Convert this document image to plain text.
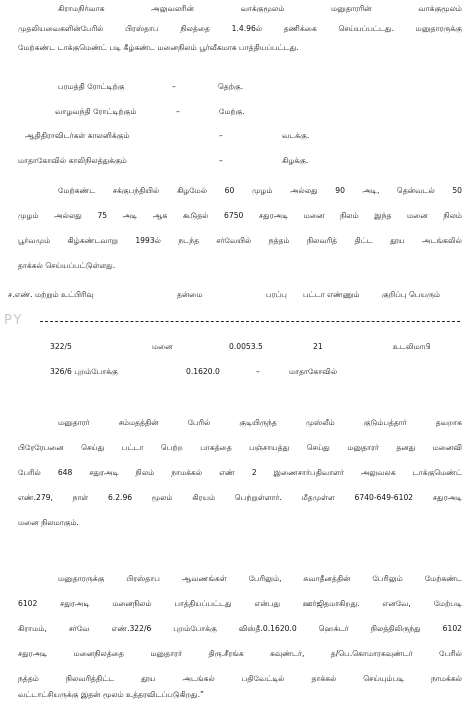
கிராமநிர்வாக அலுவலரின் வாக்குமூலம் மனுதாரரின் வாக்குமூலம்
முதலியவைகளின்பேரில் பிரஸ்தாப நிலத்தை 1.4.96ல் தணிக்கை செய்யப்பட்டது. மனுதாரருக்கு
மேற்கண்ட டாக்குமெண்ட் படி கீழ்கண்ட மனைநிலம் பூர்வீகமாக பாத்தியப்பட்டது.
பரமத்தி ரோட்டிற்கு	–	தெற்கு.
வாழவந்தி ரோட்டிற்கும்	–	மேற்கு.
ஆதிதிராவிடர்கள் காலனிக்கும்	–	வடக்கு.
மாதாகோவில் காலிநிலத்துக்கும்	–	கிழக்கு.
மேற்கண்ட சக்குபந்தியில் கிழமேல் 60 முழம் அல்லது 90 அடி, தென்வடல் 50
முழம் அல்லது 75 அடி ஆக கூடுதல் 6750 சதுரஅடி மனை நிலம் இந்த மனை நிலம்
பூர்வமும் கிழ்கண்டவாறு 1993ல் நடந்த சர்வேயில் நத்தம் நிலவரித் திட்ட தூய அடங்கலில்
தாக்கல் செய்யப்பட்டுள்ளது.
ச.எண். மற்றும் உட்பிரிவு	தன்மை	பரப்பு பட்டா எண்ணும்	குறிப்பு பெயரும்
PY
322/5	மனை	0.0053.5	21	உடலிமாபி
326/6 புறம்போக்கு	0.1620.0	–	மாதாகோவில்
மனுதாரர் சம்மதத்தின் பேரில் குடியிருந்த முஸ்லீம் குடும்பத்தார் தவறாக
பிரேரேபனை செய்து பட்டா பெற்ற பாகத்தை பஞ்சாயத்து செய்து மனுதாரர் தனது மனைவி
பேரில் 648 சதுரஅடி நிலம் நாமக்கல் எண் 2 இணைசார்பதிவாளர் அலுவலக டாக்குமெண்ட்
எண்.279, நாள் 6.2.96 மூலம் கிரயம் பெற்றுள்ளார். மீதமுள்ள 6740-649-6102 சதுரஅடி
மனை நிலமாகும்.
மனுதாரருக்கு பிரஸ்தாப ஆவணங்கள் பேரிலும், சுவாதீனத்தின் பேரிலும் மேற்கண்ட
6102 சதுரஅடி மனைநிலம் பாத்தியப்பட்டது என்பது ஊர்ஜிதமாகிறது. எனவே, மேற்படி
கிராமம், சர்வே எண்.322/6 புறம்போக்கு விஸ்தீ.0.1620.0 ஹெக்டர் நிலத்திலிருந்து 6102
சதுரஅடி மனைநிலத்தை மனுதாரர் திரு.சீரங்க கவுண்டர், த/பெ.கொமாரகவுண்டர் பேரில்
நத்தம் நிலவரித்திட்ட தூய அடங்கல் பதிவேட்டில் தாக்கல் செய்யும்படி நாமக்கல்
வட்டாட்சியருக்கு இதன் மூலம் உத்தரவிடப்படுகிறது.”
